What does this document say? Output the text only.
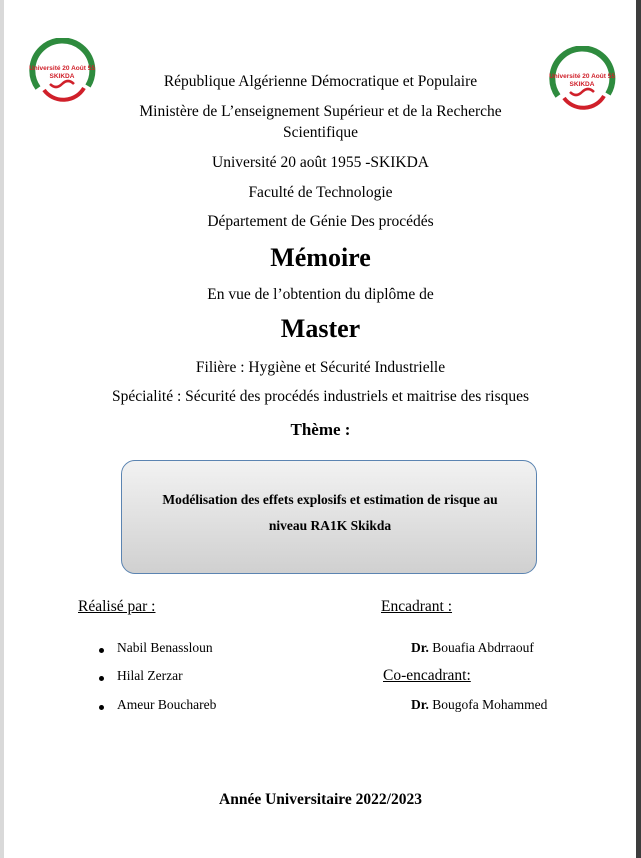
Université 20 Août 55
SKIKDA	Université 20 Août 55
SKIKDA
République Algérienne Démocratique et Populaire
Ministère de L’enseignement Supérieur et de la Recherche
Scientifique
Université 20 août 1955 -SKIKDA
Faculté de Technologie
Département de Génie Des procédés
Mémoire
En vue de l’obtention du diplôme de
Master
Filière : Hygiène et Sécurité Industrielle
Spécialité : Sécurité des procédés industriels et maitrise des risques
Thème :
Modélisation des effets explosifs et estimation de risque au
niveau RA1K Skikda
Réalisé par :
Nabil Benassloun
Hilal Zerzar
Ameur Bouchareb
Encadrant :
Dr. Bouafia Abdrraouf
Co-encadrant:
Dr. Bougofa Mohammed
Année Universitaire 2022/2023
